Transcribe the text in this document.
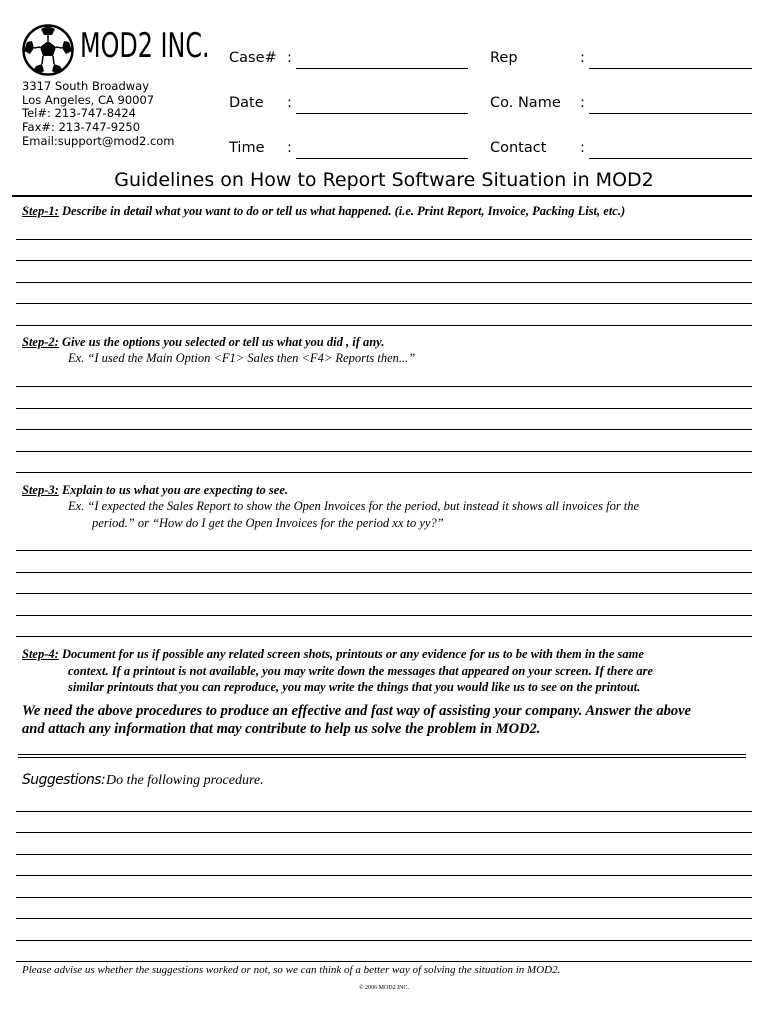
MOD2 INC.
3317 South Broadway
Los Angeles, CA 90007
Tel#: 213-747-8424
Fax#: 213-747-9250
Email:support@mod2.com
Case# :
Date :
Time :
Rep	:
Co. Name :
Contact :
Guidelines on How to Report Software Situation in MOD2
Step-1: Describe in detail what you want to do or tell us what happened. (i.e. Print Report, Invoice, Packing List, etc.)
Step-2: Give us the options you selected or tell us what you did , if any.
Ex. “I used the Main Option <F1> Sales then <F4> Reports then...”
Step-3: Explain to us what you are expecting to see.
Ex. “I expected the Sales Report to show the Open Invoices for the period, but instead it shows all invoices for the
period.” or “How do I get the Open Invoices for the period xx to yy?”
Step-4: Document for us if possible any related screen shots, printouts or any evidence for us to be with them in the same
context. If a printout is not available, you may write down the messages that appeared on your screen. If there are
similar printouts that you can reproduce, you may write the things that you would like us to see on the printout.
We need the above procedures to produce an effective and fast way of assisting your company. Answer the above
and attach any information that may contribute to help us solve the problem in MOD2.
Suggestions: Do the following procedure.
Please advise us whether the suggestions worked or not, so we can think of a better way of solving the situation in MOD2.
© 2006 MOD2 INC.
